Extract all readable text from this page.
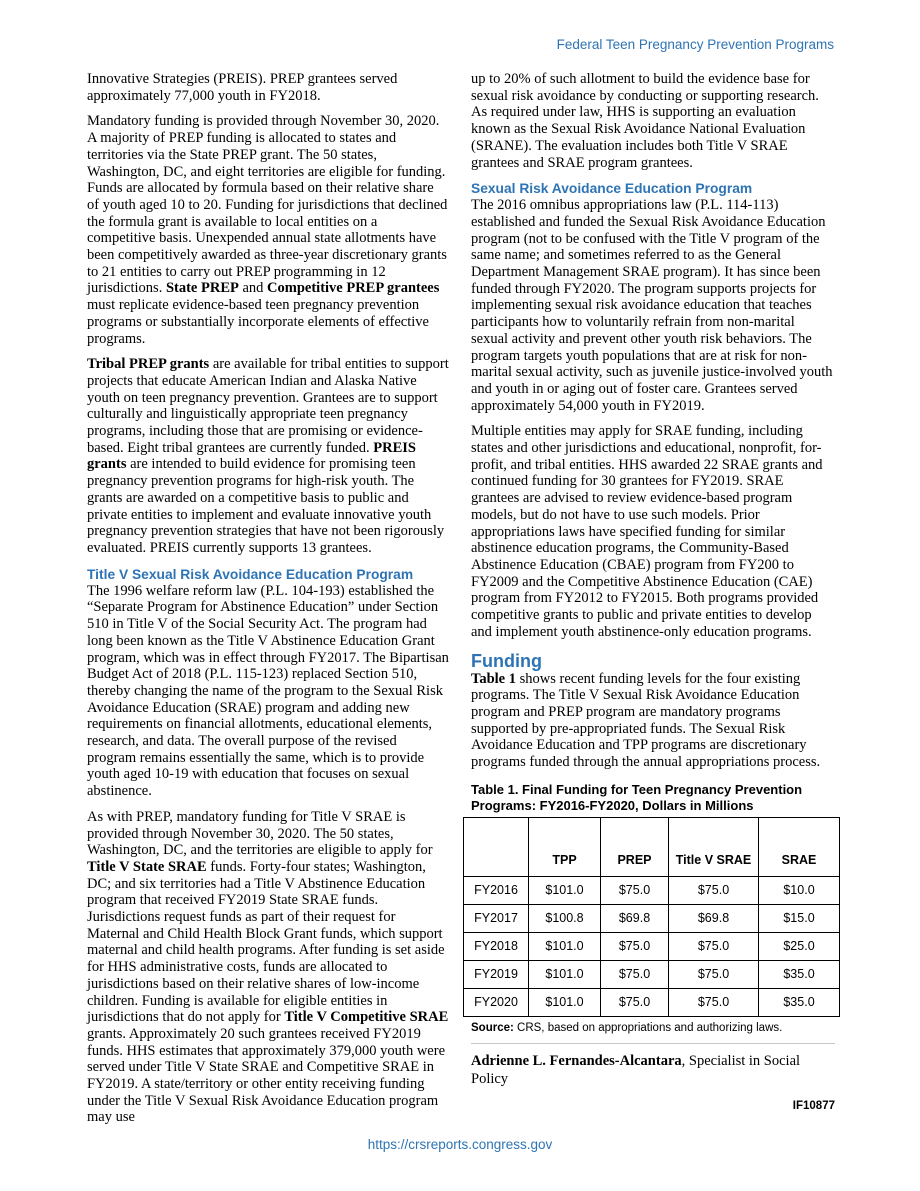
Federal Teen Pregnancy Prevention Programs

Innovative Strategies (PREIS). PREP grantees served approximately 77,000 youth in FY2018.

Mandatory funding is provided through November 30, 2020. A majority of PREP funding is allocated to states and territories via the State PREP grant. The 50 states, Washington, DC, and eight territories are eligible for funding. Funds are allocated by formula based on their relative share of youth aged 10 to 20. Funding for jurisdictions that declined the formula grant is available to local entities on a competitive basis. Unexpended annual state allotments have been competitively awarded as three-year discretionary grants to 21 entities to carry out PREP programming in 12 jurisdictions. State PREP and Competitive PREP grantees must replicate evidence-based teen pregnancy prevention programs or substantially incorporate elements of effective programs.

Tribal PREP grants are available for tribal entities to support projects that educate American Indian and Alaska Native youth on teen pregnancy prevention. Grantees are to support culturally and linguistically appropriate teen pregnancy programs, including those that are promising or evidence-based. Eight tribal grantees are currently funded. PREIS grants are intended to build evidence for promising teen pregnancy prevention programs for high-risk youth. The grants are awarded on a competitive basis to public and private entities to implement and evaluate innovative youth pregnancy prevention strategies that have not been rigorously evaluated. PREIS currently supports 13 grantees.

Title V Sexual Risk Avoidance Education Program

The 1996 welfare reform law (P.L. 104-193) established the “Separate Program for Abstinence Education” under Section 510 in Title V of the Social Security Act. The program had long been known as the Title V Abstinence Education Grant program, which was in effect through FY2017. The Bipartisan Budget Act of 2018 (P.L. 115-123) replaced Section 510, thereby changing the name of the program to the Sexual Risk Avoidance Education (SRAE) program and adding new requirements on financial allotments, educational elements, research, and data. The overall purpose of the revised program remains essentially the same, which is to provide youth aged 10-19 with education that focuses on sexual abstinence.

As with PREP, mandatory funding for Title V SRAE is provided through November 30, 2020. The 50 states, Washington, DC, and the territories are eligible to apply for Title V State SRAE funds. Forty-four states; Washington, DC; and six territories had a Title V Abstinence Education program that received FY2019 State SRAE funds. Jurisdictions request funds as part of their request for Maternal and Child Health Block Grant funds, which support maternal and child health programs. After funding is set aside for HHS administrative costs, funds are allocated to jurisdictions based on their relative shares of low-income children. Funding is available for eligible entities in jurisdictions that do not apply for Title V Competitive SRAE grants. Approximately 20 such grantees received FY2019 funds. HHS estimates that approximately 379,000 youth were served under Title V State SRAE and Competitive SRAE in FY2019. A state/territory or other entity receiving funding under the Title V Sexual Risk Avoidance Education program may use

up to 20% of such allotment to build the evidence base for sexual risk avoidance by conducting or supporting research. As required under law, HHS is supporting an evaluation known as the Sexual Risk Avoidance National Evaluation (SRANE). The evaluation includes both Title V SRAE grantees and SRAE program grantees.

Sexual Risk Avoidance Education Program

The 2016 omnibus appropriations law (P.L. 114-113) established and funded the Sexual Risk Avoidance Education program (not to be confused with the Title V program of the same name; and sometimes referred to as the General Department Management SRAE program). It has since been funded through FY2020. The program supports projects for implementing sexual risk avoidance education that teaches participants how to voluntarily refrain from non-marital sexual activity and prevent other youth risk behaviors. The program targets youth populations that are at risk for non-marital sexual activity, such as juvenile justice-involved youth and youth in or aging out of foster care. Grantees served approximately 54,000 youth in FY2019.

Multiple entities may apply for SRAE funding, including states and other jurisdictions and educational, nonprofit, for-profit, and tribal entities. HHS awarded 22 SRAE grants and continued funding for 30 grantees for FY2019. SRAE grantees are advised to review evidence-based program models, but do not have to use such models. Prior appropriations laws have specified funding for similar abstinence education programs, the Community-Based Abstinence Education (CBAE) program from FY200 to FY2009 and the Competitive Abstinence Education (CAE) program from FY2012 to FY2015. Both programs provided competitive grants to public and private entities to develop and implement youth abstinence-only education programs.

Funding

Table 1 shows recent funding levels for the four existing programs. The Title V Sexual Risk Avoidance Education program and PREP program are mandatory programs supported by pre-appropriated funds. The Sexual Risk Avoidance Education and TPP programs are discretionary programs funded through the annual appropriations process.

Table 1. Final Funding for Teen Pregnancy Prevention Programs: FY2016-FY2020, Dollars in Millions
	TPP	PREP	Title V SRAE	SRAE
FY2016	$101.0	$75.0	$75.0	$10.0
FY2017	$100.8	$69.8	$69.8	$15.0
FY2018	$101.0	$75.0	$75.0	$25.0
FY2019	$101.0	$75.0	$75.0	$35.0
FY2020	$101.0	$75.0	$75.0	$35.0
Source: CRS, based on appropriations and authorizing laws.

Adrienne L. Fernandes-Alcantara, Specialist in Social Policy

IF10877
https://crsreports.congress.gov
